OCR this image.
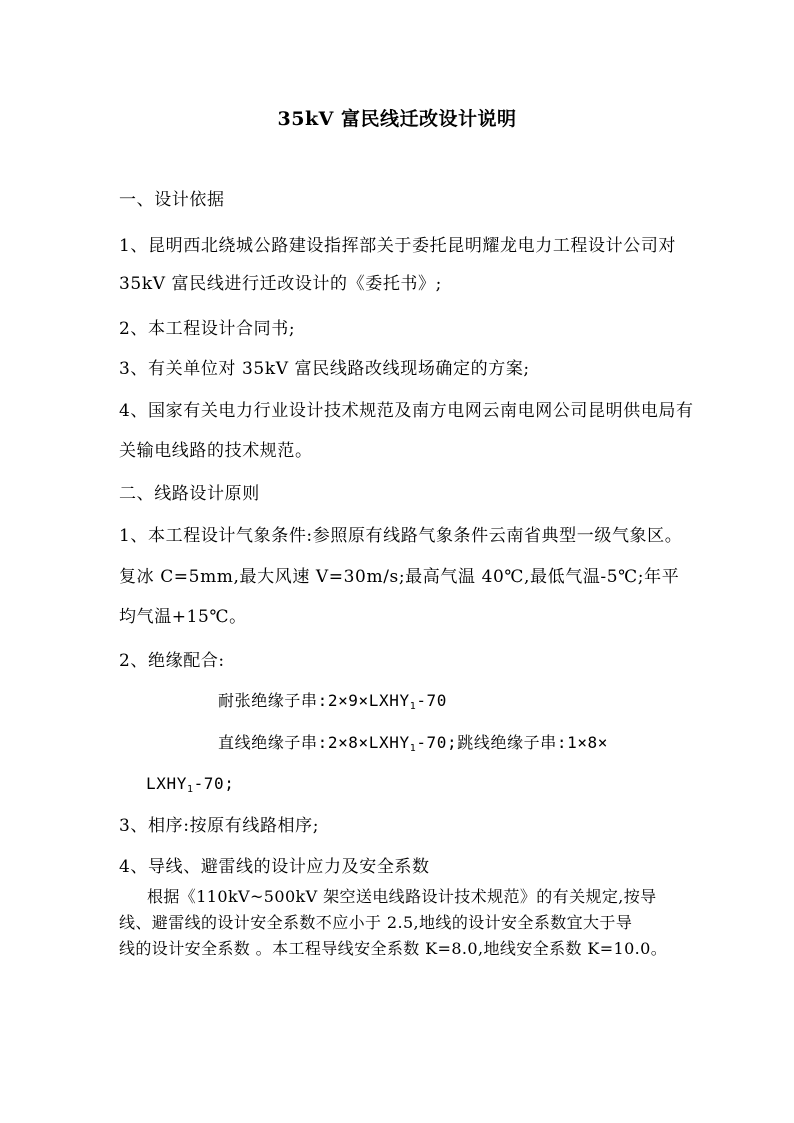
35kV 富民线迁改设计说明
一、设计依据
1、昆明西北绕城公路建设指挥部关于委托昆明耀龙电力工程设计公司对
35kV 富民线进行迁改设计的《委托书》;
2、本工程设计合同书;
3、有关单位对 35kV 富民线路改线现场确定的方案;
4、国家有关电力行业设计技术规范及南方电网云南电网公司昆明供电局有
关输电线路的技术规范。
二、线路设计原则
1、本工程设计气象条件:参照原有线路气象条件云南省典型一级气象区。
复冰 C=5mm,最大风速 V=30m/s;最高气温 40℃,最低气温-5℃;年平
均气温+15℃。
2、绝缘配合:
耐张绝缘子串$:2\times 9\times LXHY_1-70$
直线绝缘子串$:2\times 8\times LXHY_1-70$;跳线绝缘子串:1×8×
$LXHY_1-70$;
3、相序:按原有线路相序;
4、导线、避雷线的设计应力及安全系数
根据《110kV~500kV 架空送电线路设计技术规范》的有关规定,按导
线、避雷线的设计安全系数不应小于 2.5,地线的设计安全系数宜大于导
线的设计安全系数 。本工程导线安全系数 K=8.0,地线安全系数 K=10.0。
